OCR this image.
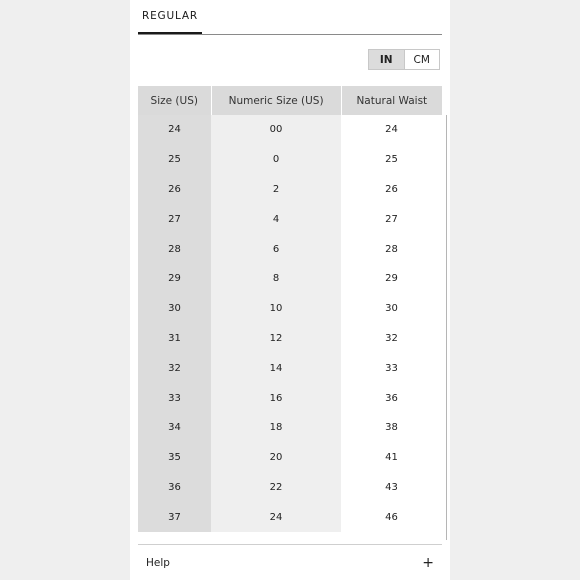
REGULAR
IN	CM
Size (US)	Numeric Size (US)	Natural Waist
24	00	24
25	0	25
26	2	26
27	4	27
28	6	28
29	8	29
30	10	30
31	12	32
32	14	33
33	16	36
34	18	38
35	20	41
36	22	43
37	24	46
Help	+
